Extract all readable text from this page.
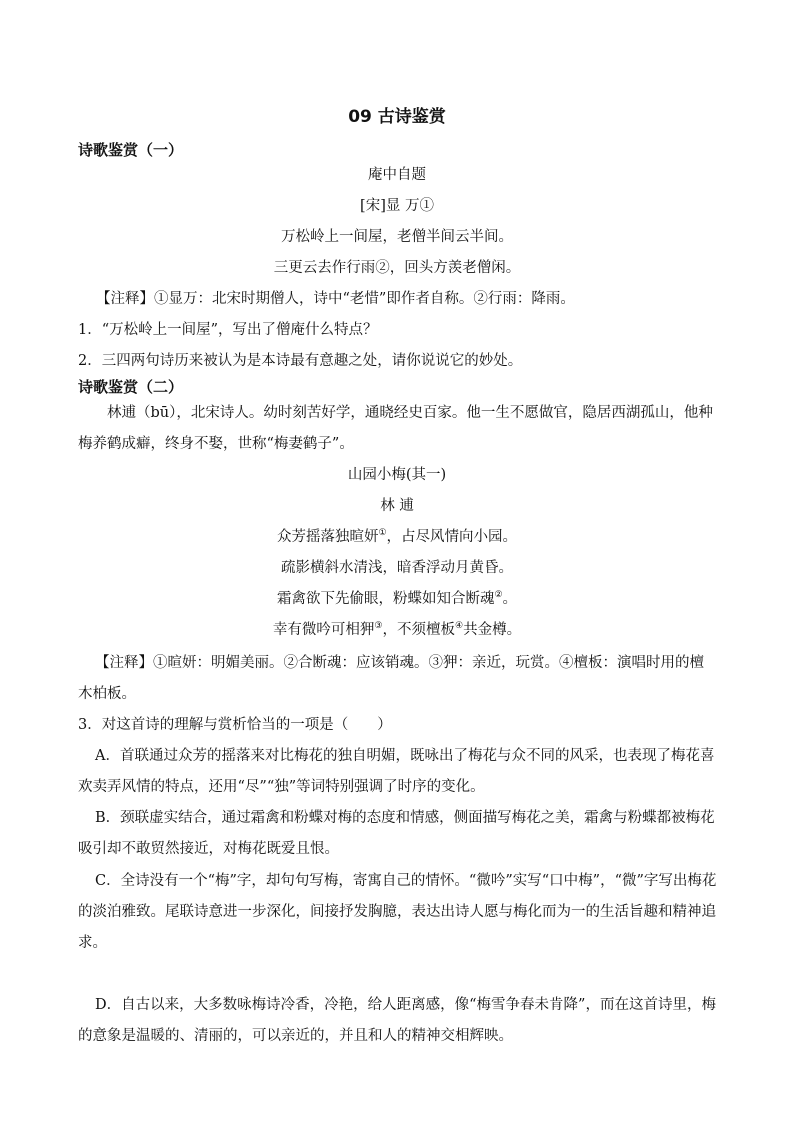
09 古诗鉴赏
诗歌鉴赏（一）
庵中自题
[宋]显 万①
万松岭上一间屋，老僧半间云半间。
三更云去作行雨②，回头方羡老僧闲。
【注释】①显万：北宋时期僧人，诗中“老惜”即作者自称。②行雨：降雨。
1．“万松岭上一间屋”，写出了僧庵什么特点？
2．三四两句诗历来被认为是本诗最有意趣之处，请你说说它的妙处。
诗歌鉴赏（二）
林逋（bū），北宋诗人。幼时刻苦好学，通晓经史百家。他一生不愿做官，隐居西湖孤山，他种梅养鹤成癖，终身不娶，世称“梅妻鹤子”。
山园小梅(其一)
林 逋
众芳摇落独暄妍①，占尽风情向小园。
疏影横斜水清浅，暗香浮动月黄昏。
霜禽欲下先偷眼，粉蝶如知合断魂②。
幸有微吟可相狎③，不须檀板④共金樽。
【注释】①暄妍：明媚美丽。②合断魂：应该销魂。③狎：亲近，玩赏。④檀板：演唱时用的檀木柏板。
3．对这首诗的理解与赏析恰当的一项是（　　）
A．首联通过众芳的摇落来对比梅花的独自明媚，既咏出了梅花与众不同的风采，也表现了梅花喜欢卖弄风情的特点，还用“尽”“独”等词特别强调了时序的变化。
B．颈联虚实结合，通过霜禽和粉蝶对梅的态度和情感，侧面描写梅花之美，霜禽与粉蝶都被梅花吸引却不敢贸然接近，对梅花既爱且恨。
C．全诗没有一个“梅”字，却句句写梅，寄寓自己的情怀。“微吟”实写“口中梅”，“微”字写出梅花的淡泊雅致。尾联诗意进一步深化，间接抒发胸臆，表达出诗人愿与梅化而为一的生活旨趣和精神追求。
D．自古以来，大多数咏梅诗冷香，冷艳，给人距离感，像“梅雪争春未肯降”，而在这首诗里，梅的意象是温暖的、清丽的，可以亲近的，并且和人的精神交相辉映。
